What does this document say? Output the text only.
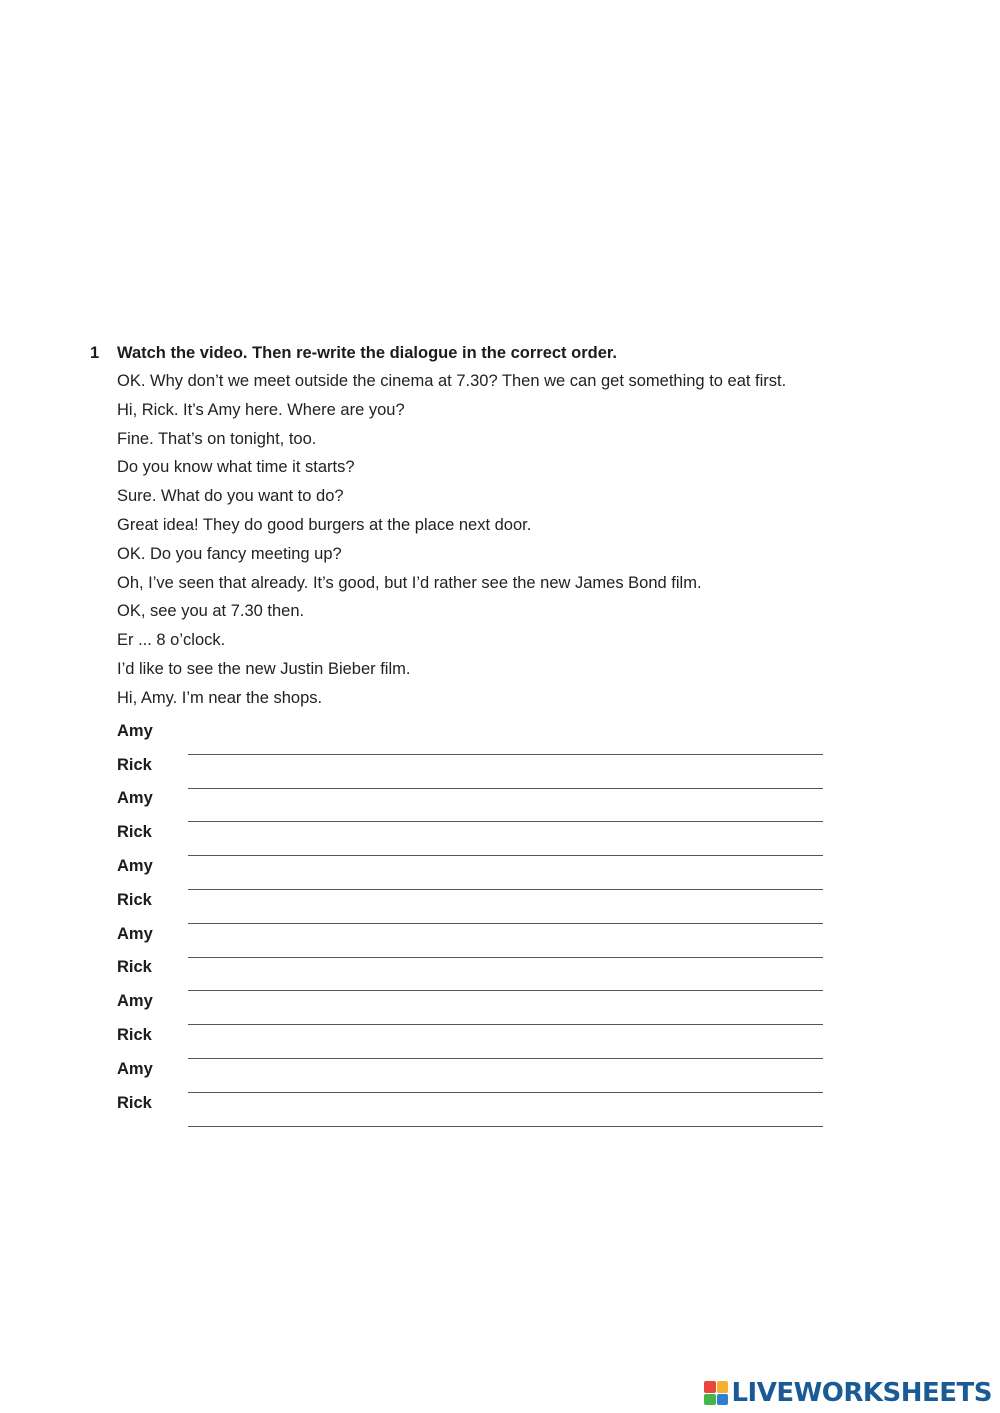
1 Watch the video. Then re-write the dialogue in the correct order.
OK. Why don’t we meet outside the cinema at 7.30? Then we can get something to eat first.
Hi, Rick. It’s Amy here. Where are you?
Fine. That’s on tonight, too.
Do you know what time it starts?
Sure. What do you want to do?
Great idea! They do good burgers at the place next door.
OK. Do you fancy meeting up?
Oh, I’ve seen that already. It’s good, but I’d rather see the new James Bond film.
OK, see you at 7.30 then.
Er ... 8 o’clock.
I’d like to see the new Justin Bieber film.
Hi, Amy. I’m near the shops.
Amy
Rick
Amy
Rick
Amy
Rick
Amy
Rick
Amy
Rick
Amy
Rick
LIVEWORKSHEETS
